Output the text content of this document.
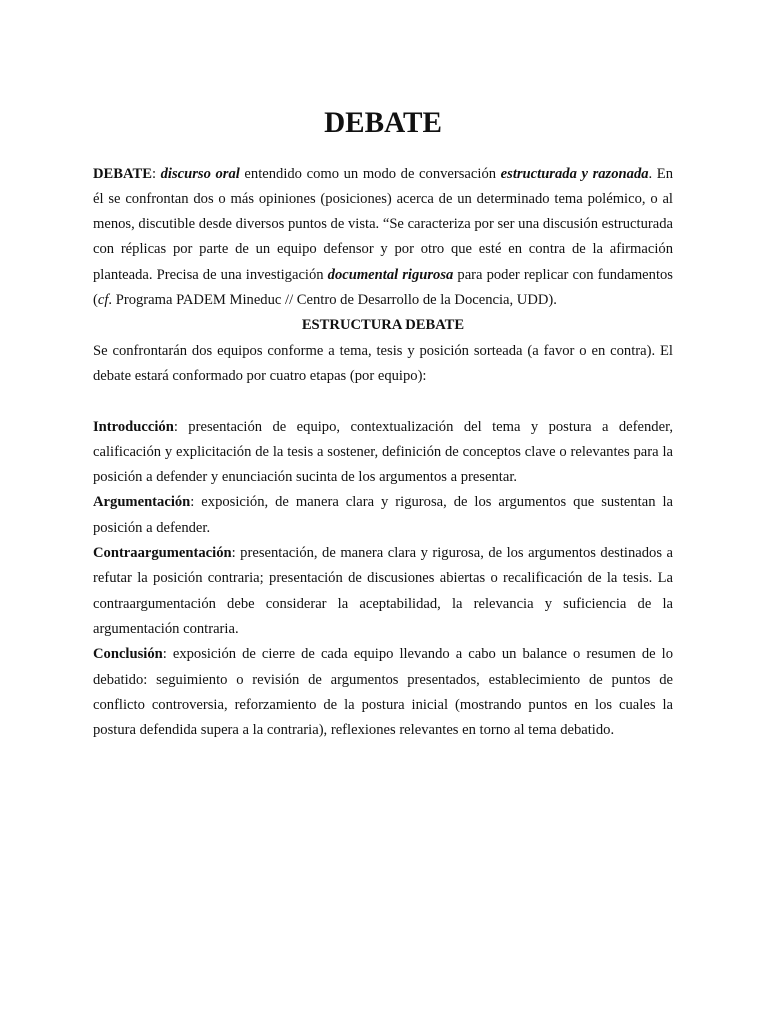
DEBATE

DEBATE: discurso oral entendido como un modo de conversación estructurada y razonada. En él se confrontan dos o más opiniones (posiciones) acerca de un determinado tema polémico, o al menos, discutible desde diversos puntos de vista. “Se caracteriza por ser una discusión estructurada con réplicas por parte de un equipo defensor y por otro que esté en contra de la afirmación planteada. Precisa de una investigación documental rigurosa para poder replicar con fundamentos (cf. Programa PADEM Mineduc // Centro de Desarrollo de la Docencia, UDD).

ESTRUCTURA DEBATE

Se confrontarán dos equipos conforme a tema, tesis y posición sorteada (a favor o en contra). El debate estará conformado por cuatro etapas (por equipo):

Introducción: presentación de equipo, contextualización del tema y postura a defender, calificación y explicitación de la tesis a sostener, definición de conceptos clave o relevantes para la posición a defender y enunciación sucinta de los argumentos a presentar.

Argumentación: exposición, de manera clara y rigurosa, de los argumentos que sustentan la posición a defender.

Contraargumentación: presentación, de manera clara y rigurosa, de los argumentos destinados a refutar la posición contraria; presentación de discusiones abiertas o recalificación de la tesis. La contraargumentación debe considerar la aceptabilidad, la relevancia y suficiencia de la argumentación contraria.

Conclusión: exposición de cierre de cada equipo llevando a cabo un balance o resumen de lo debatido: seguimiento o revisión de argumentos presentados, establecimiento de puntos de conflicto controversia, reforzamiento de la postura inicial (mostrando puntos en los cuales la postura defendida supera a la contraria), reflexiones relevantes en torno al tema debatido.
